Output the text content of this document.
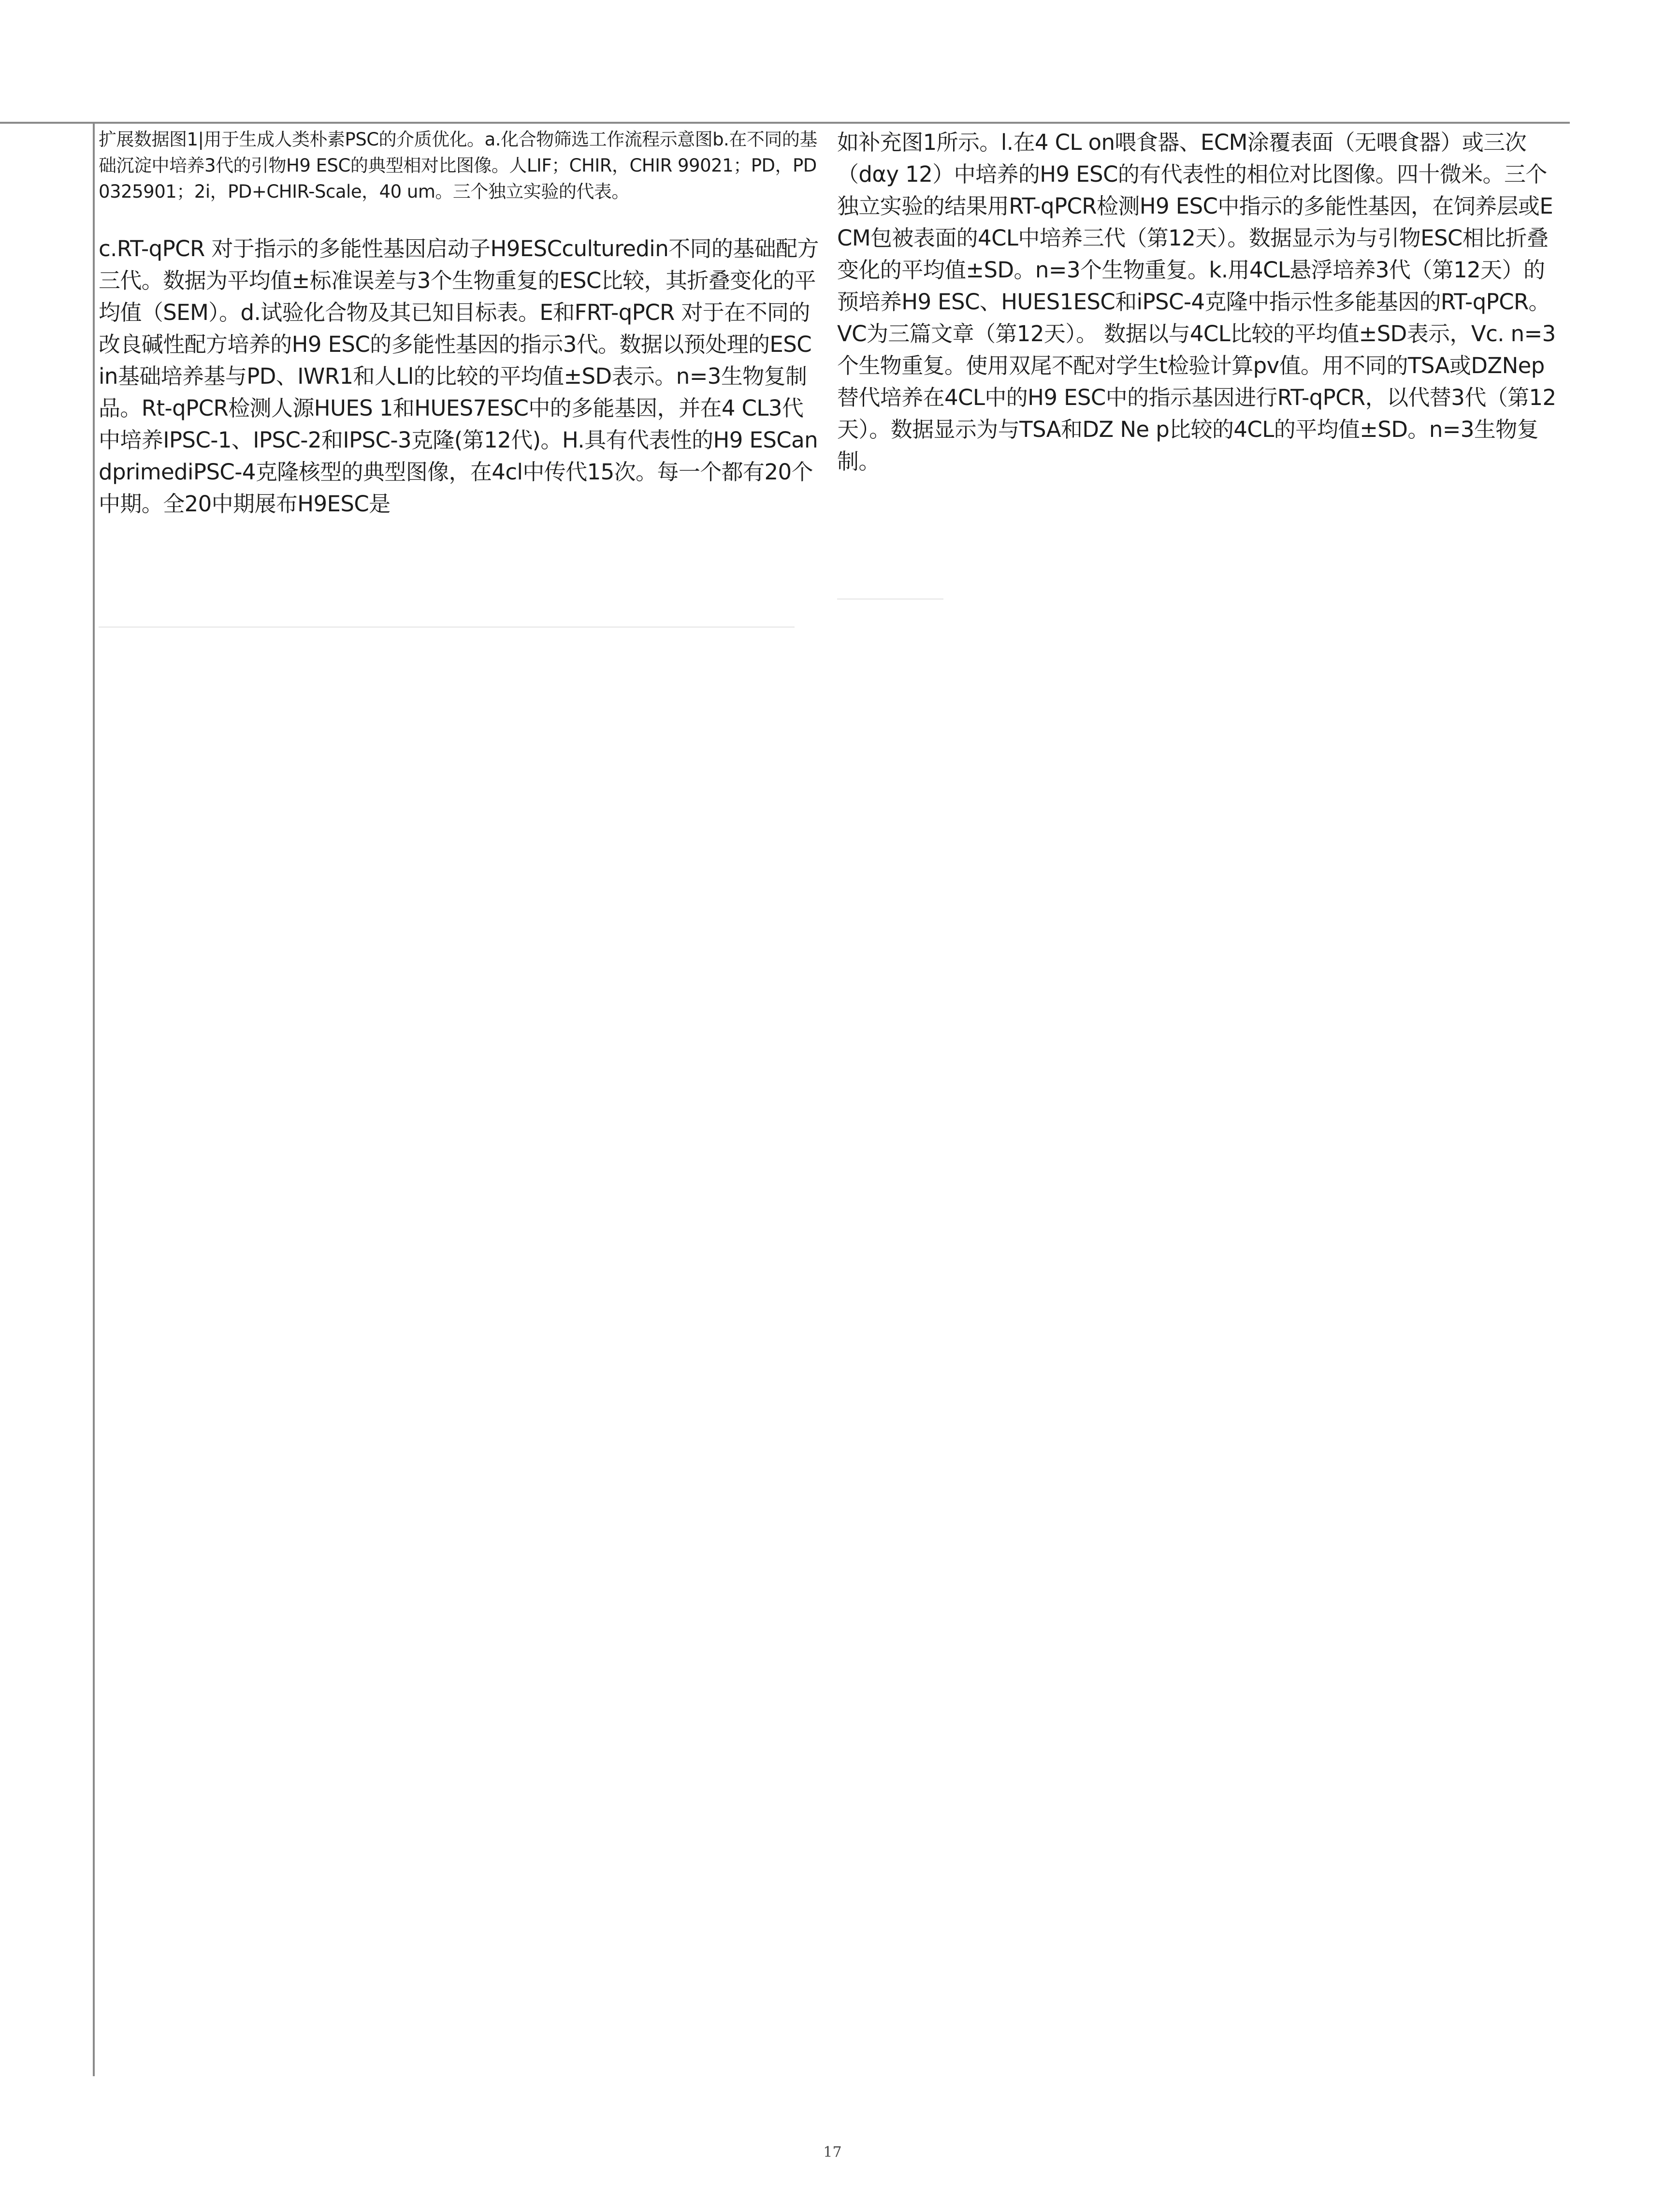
扩展数据图1|用于生成人类朴素PSC的介质优化。a.化合物筛选工作流程示意图b.在不同的基础沉淀中培养3代的引物H9 ESC的典型相对比图像。人LIF；CHIR，CHIR 99021；PD，PD 0325901；2i，PD+CHIR-Scale，40 um。三个独立实验的代表。

c.RT-qPCR 对于指示的多能性基因启动子H9ESCculturedin不同的基础配方三代。数据为平均值±标准误差与3个生物重复的ESC比较，其折叠变化的平均值（SEM）。d.试验化合物及其已知目标表。E和FRT-qPCR 对于在不同的改良碱性配方培养的H9 ESC的多能性基因的指示3代。数据以预处理的ESC in基础培养基与PD、IWR1和人Ll的比较的平均值±SD表示。n=3生物复制品。Rt-qPCR检测人源HUES 1和HUES7ESC中的多能基因，并在4 CL3代中培养IPSC-1、IPSC-2和IPSC-3克隆(第12代)。H.具有代表性的H9 ESCandprimediPSC-4克隆核型的典型图像，在4cl中传代15次。每一个都有20个中期。全20中期展布H9ESC是

如补充图1所示。l.在4 CL on喂食器、ECM涂覆表面（无喂食器）或三次（dαy 12）中培养的H9 ESC的有代表性的相位对比图像。四十微米。三个独立实验的结果用RT-qPCR检测H9 ESC中指示的多能性基因，在饲养层或ECM包被表面的4CL中培养三代（第12天）。数据显示为与引物ESC相比折叠变化的平均值±SD。n=3个生物重复。k.用4CL悬浮培养3代（第12天）的预培养H9 ESC、HUES1ESC和iPSC-4克隆中指示性多能基因的RT-qPCR。VC为三篇文章（第12天）。 数据以与4CL比较的平均值±SD表示，Vc. n=3个生物重复。使用双尾不配对学生t检验计算pv值。用不同的TSA或DZNep替代培养在4CL中的H9 ESC中的指示基因进行RT-qPCR，以代替3代（第12天）。数据显示为与TSA和DZ Ne p比较的4CL的平均值±SD。n=3生物复制。

17
